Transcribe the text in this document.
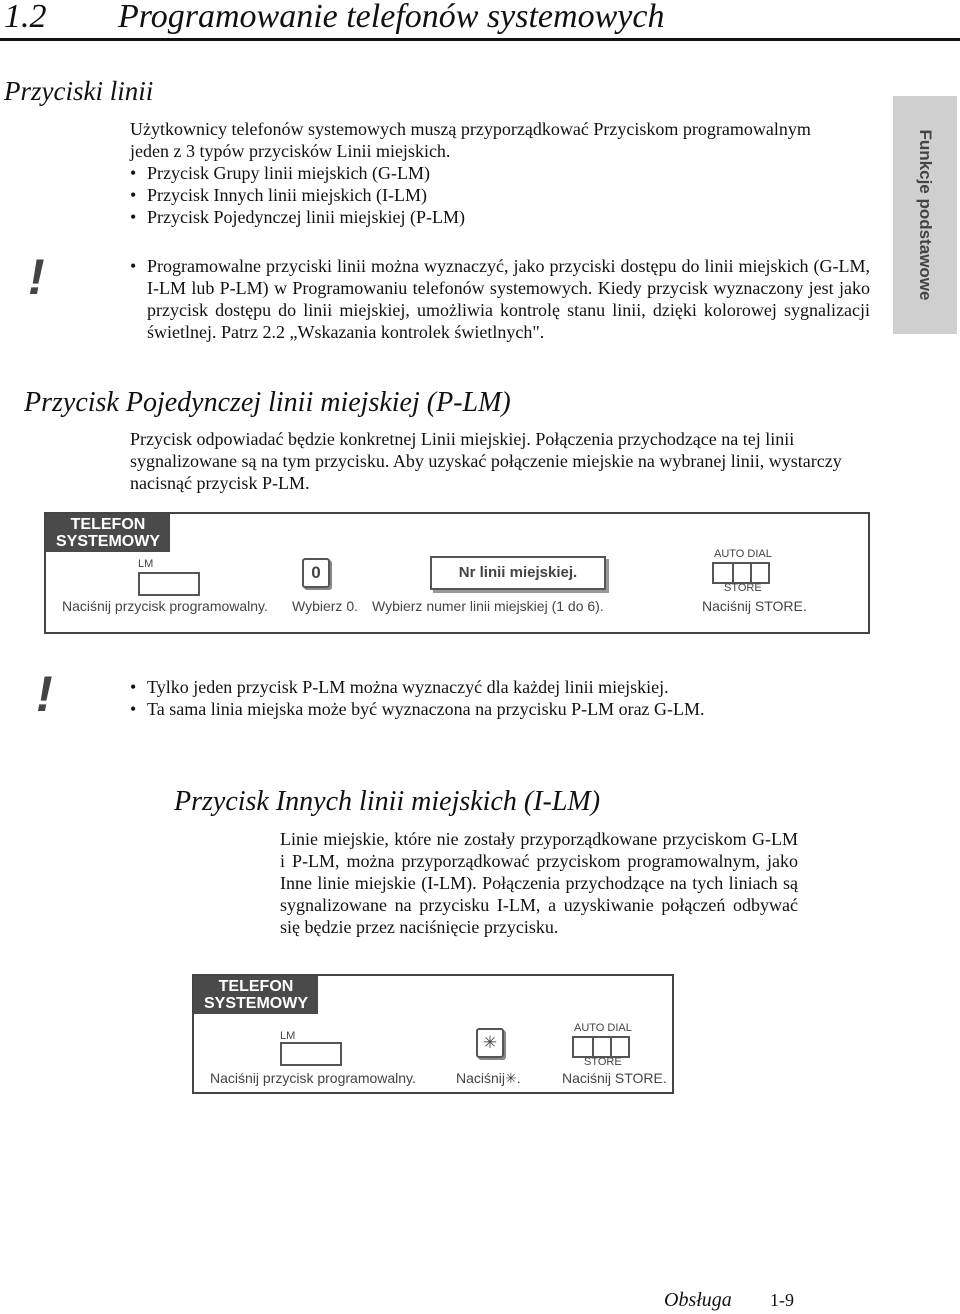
1.2 Programowanie telefonów systemowych
Funkcje podstawowe
Przyciski linii
Użytkownicy telefonów systemowych muszą przyporządkować Przyciskom programowalnym jeden z 3 typów przycisków Linii miejskich.
• Przycisk Grupy linii miejskich (G-LM)
• Przycisk Innych linii miejskich (I-LM)
• Przycisk Pojedynczej linii miejskiej (P-LM)
!	• Programowalne przyciski linii można wyznaczyć, jako przyciski dostępu do linii miejskich (G-LM, I-LM lub P-LM) w Programowaniu telefonów systemowych. Kiedy przycisk wyznaczony jest jako przycisk dostępu do linii miejskiej, umożliwia kontrolę stanu linii, dzięki kolorowej sygnalizacji świetlnej. Patrz 2.2 „Wskazania kontrolek świetlnych".
Przycisk Pojedynczej linii miejskiej (P-LM)
Przycisk odpowiadać będzie konkretnej Linii miejskiej. Połączenia przychodzące na tej linii sygnalizowane są na tym przycisku. Aby uzyskać połączenie miejskie na wybranej linii, wystarczy nacisnąć przycisk P-LM.
TELEFON
SYSTEMOWY
LM	0	Nr linii miejskiej.
AUTO DIAL
STORE
Naciśnij przycisk programowalny. Wybierz 0. Wybierz numer linii miejskiej (1 do 6).	Naciśnij STORE.
!
•	Tylko jeden przycisk P-LM można wyznaczyć dla każdej linii miejskiej.
• Ta sama linia miejska może być wyznaczona na przycisku P-LM oraz G-LM.
Przycisk Innych linii miejskich (I-LM)
Linie miejskie, które nie zostały przyporządkowane przyciskom G-LM i P-LM, można przyporządkować przyciskom programowalnym, jako Inne linie miejskie (I-LM). Połączenia przychodzące na tych liniach są sygnalizowane na przycisku I-LM, a uzyskiwanie połączeń odbywać się będzie przez naciśnięcie przycisku.
TELEFON
SYSTEMOWY
LM	✳
AUTO DIAL
STORE
Naciśnij przycisk programowalny.	Naciśnij✳.	Naciśnij STORE.
Obsługa 1-9
